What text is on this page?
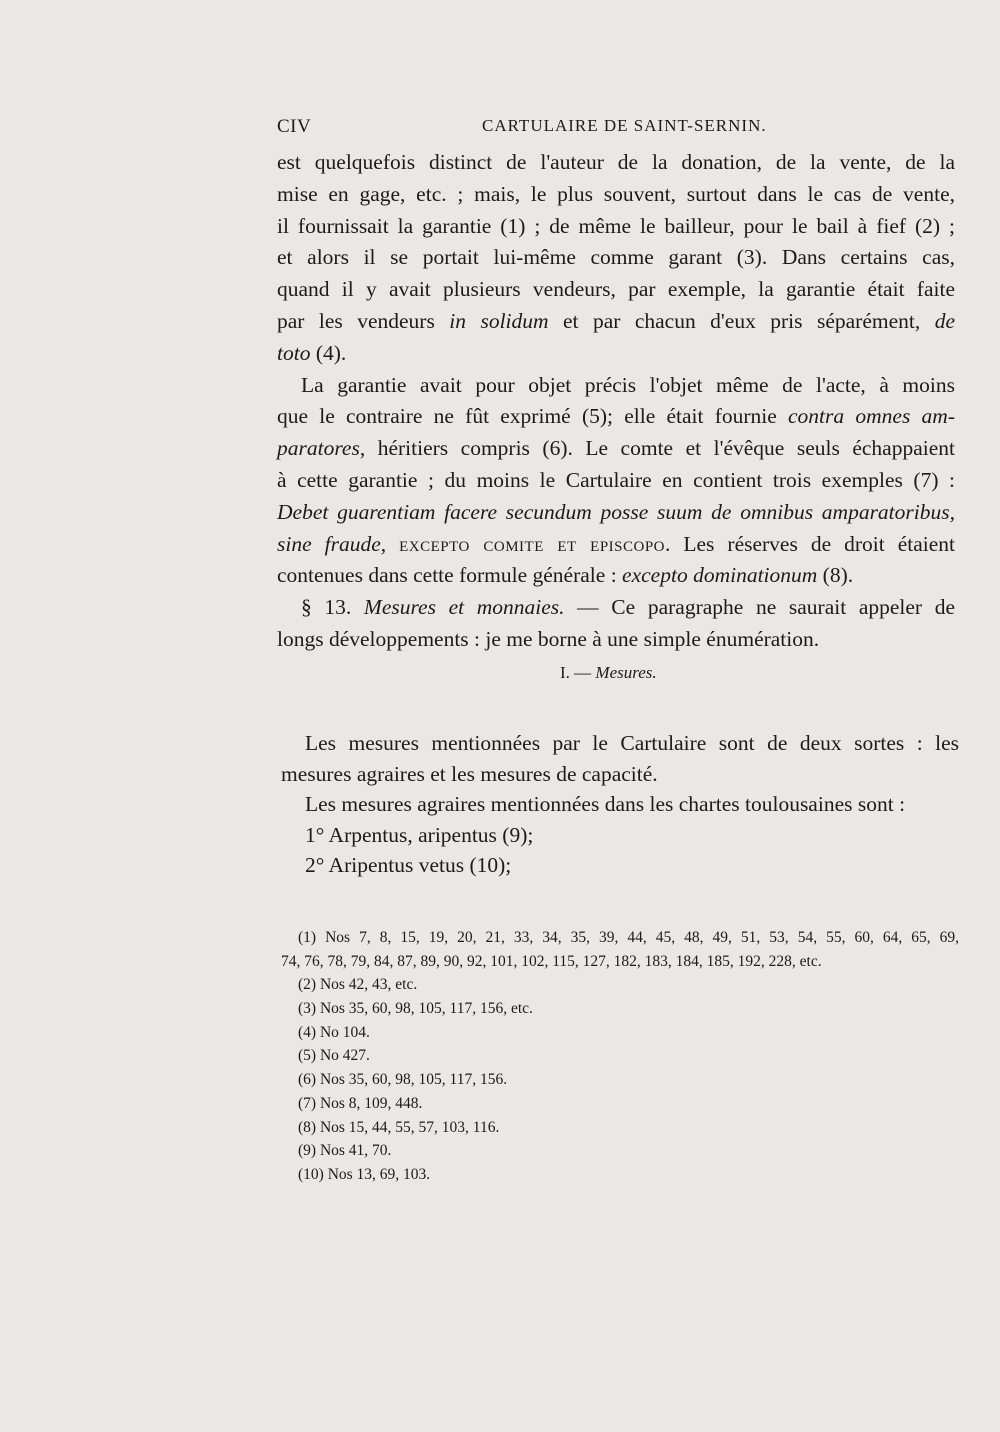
CIV	CARTULAIRE DE SAINT-SERNIN.
est quelquefois distinct de l'auteur de la donation, de la vente, de la
mise en gage, etc. ; mais, le plus souvent, surtout dans le cas de vente,
il fournissait la garantie (1) ; de même le bailleur, pour le bail à fief (2) ;
et alors il se portait lui-même comme garant (3). Dans certains cas,
quand il y avait plusieurs vendeurs, par exemple, la garantie était faite
par les vendeurs in solidum et par chacun d'eux pris séparément, de
toto (4).
La garantie avait pour objet précis l'objet même de l'acte, à moins
que le contraire ne fût exprimé (5); elle était fournie contra omnes am-
paratores, héritiers compris (6). Le comte et l'évêque seuls échappaient
à cette garantie ; du moins le Cartulaire en contient trois exemples (7) :
Debet guarentiam facere secundum posse suum de omnibus amparatoribus,
sine fraude, excepto comite et episcopo. Les réserves de droit étaient
contenues dans cette formule générale : excepto dominationum (8).
§ 13. Mesures et monnaies. — Ce paragraphe ne saurait appeler de
longs développements : je me borne à une simple énumération.
I. — Mesures.
Les mesures mentionnées par le Cartulaire sont de deux sortes : les
mesures agraires et les mesures de capacité.
Les mesures agraires mentionnées dans les chartes toulousaines sont :
1° Arpentus, aripentus (9);
2° Aripentus vetus (10);
(1) Nos 7, 8, 15, 19, 20, 21, 33, 34, 35, 39, 44, 45, 48, 49, 51, 53, 54, 55, 60, 64, 65, 69,
74, 76, 78, 79, 84, 87, 89, 90, 92, 101, 102, 115, 127, 182, 183, 184, 185, 192, 228, etc.
(2) Nos 42, 43, etc.
(3) Nos 35, 60, 98, 105, 117, 156, etc.
(4) No 104.
(5) No 427.
(6) Nos 35, 60, 98, 105, 117, 156.
(7) Nos 8, 109, 448.
(8) Nos 15, 44, 55, 57, 103, 116.
(9) Nos 41, 70.
(10) Nos 13, 69, 103.
